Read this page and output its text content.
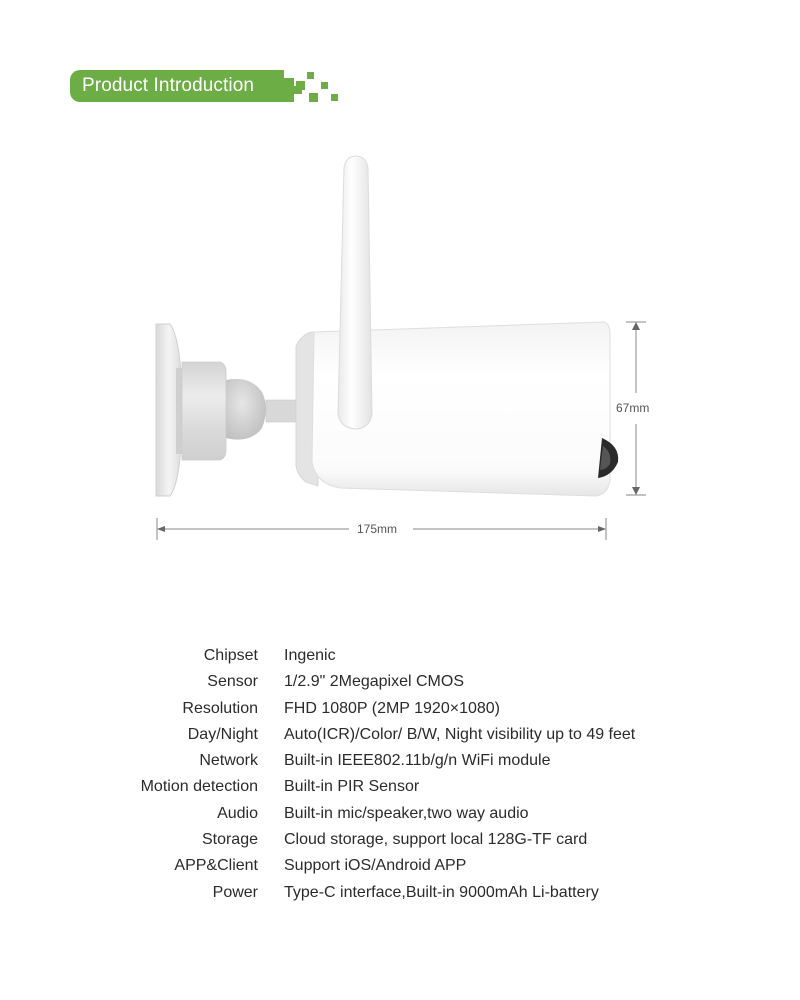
Product Introduction
175mm
67mm
Chipset Ingenic
Sensor 1/2.9" 2Megapixel CMOS
Resolution FHD 1080P (2MP 1920×1080)
Day/Night Auto(ICR)/Color/ B/W, Night visibility up to 49 feet
Network Built-in IEEE802.11b/g/n WiFi module
Motion detection Built-in PIR Sensor
Audio Built-in mic/speaker,two way audio
Storage Cloud storage, support local 128G-TF card
APP&Client Support iOS/Android APP
Power Type-C interface,Built-in 9000mAh Li-battery
